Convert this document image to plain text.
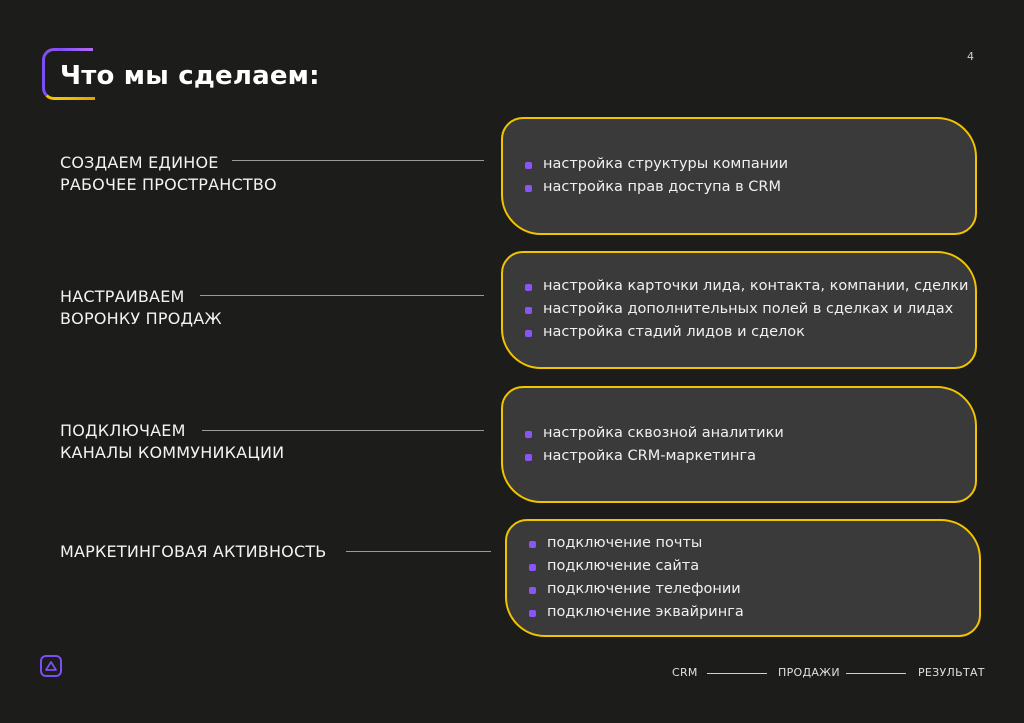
Что мы сделаем:
4
СОЗДАЕМ ЕДИНОЕ
РАБОЧЕЕ ПРОСТРАНСТВО
настройка структуры компании
настройка прав доступа в CRM
НАСТРАИВАЕМ
ВОРОНКУ ПРОДАЖ
настройка карточки лида, контакта, компании, сделки
настройка дополнительных полей в сделках и лидах
настройка стадий лидов и сделок
ПОДКЛЮЧАЕМ
КАНАЛЫ КОММУНИКАЦИИ
настройка сквозной аналитики
настройка CRM-маркетинга
МАРКЕТИНГОВАЯ АКТИВНОСТЬ	подключение почты
подключение сайта
подключение телефонии
подключение эквайринга
CRM	ПРОДАЖИ	РЕЗУЛЬТАТ
